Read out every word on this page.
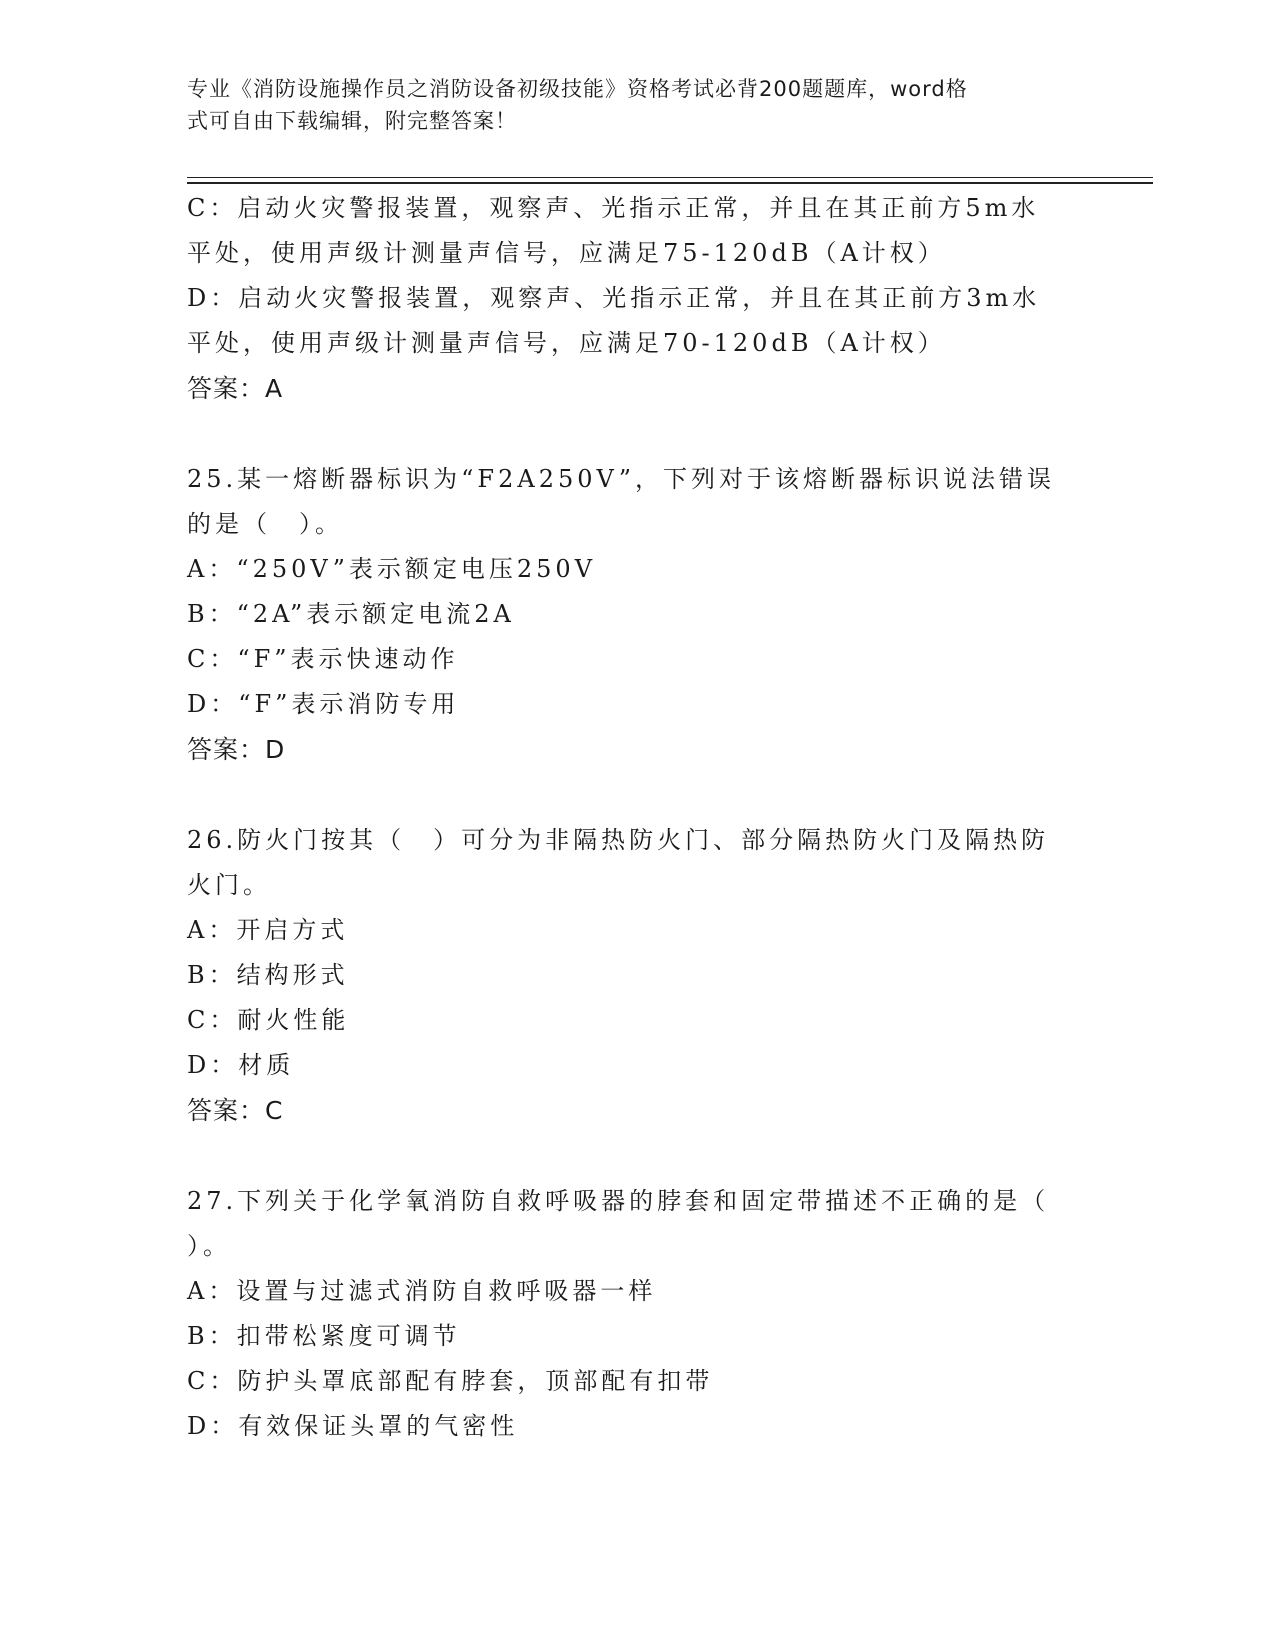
专业《消防设施操作员之消防设备初级技能》资格考试必背200题题库，word格
式可自由下载编辑，附完整答案！
C：启动火灾警报装置，观察声、光指示正常，并且在其正前方5m水
平处，使用声级计测量声信号，应满足75-120dB（A计权）
D：启动火灾警报装置，观察声、光指示正常，并且在其正前方3m水
平处，使用声级计测量声信号，应满足70-120dB（A计权）
答案：A
25.某一熔断器标识为“F2A250V”，下列对于该熔断器标识说法错误
的是（　）。
A：“250V”表示额定电压250V
B：“2A”表示额定电流2A
C：“F”表示快速动作
D：“F”表示消防专用
答案：D
26.防火门按其（　）可分为非隔热防火门、部分隔热防火门及隔热防
火门。
A：开启方式
B：结构形式
C：耐火性能
D：材质
答案：C
27.下列关于化学氧消防自救呼吸器的脖套和固定带描述不正确的是（
）。
A：设置与过滤式消防自救呼吸器一样
B：扣带松紧度可调节
C：防护头罩底部配有脖套，顶部配有扣带
D：有效保证头罩的气密性
